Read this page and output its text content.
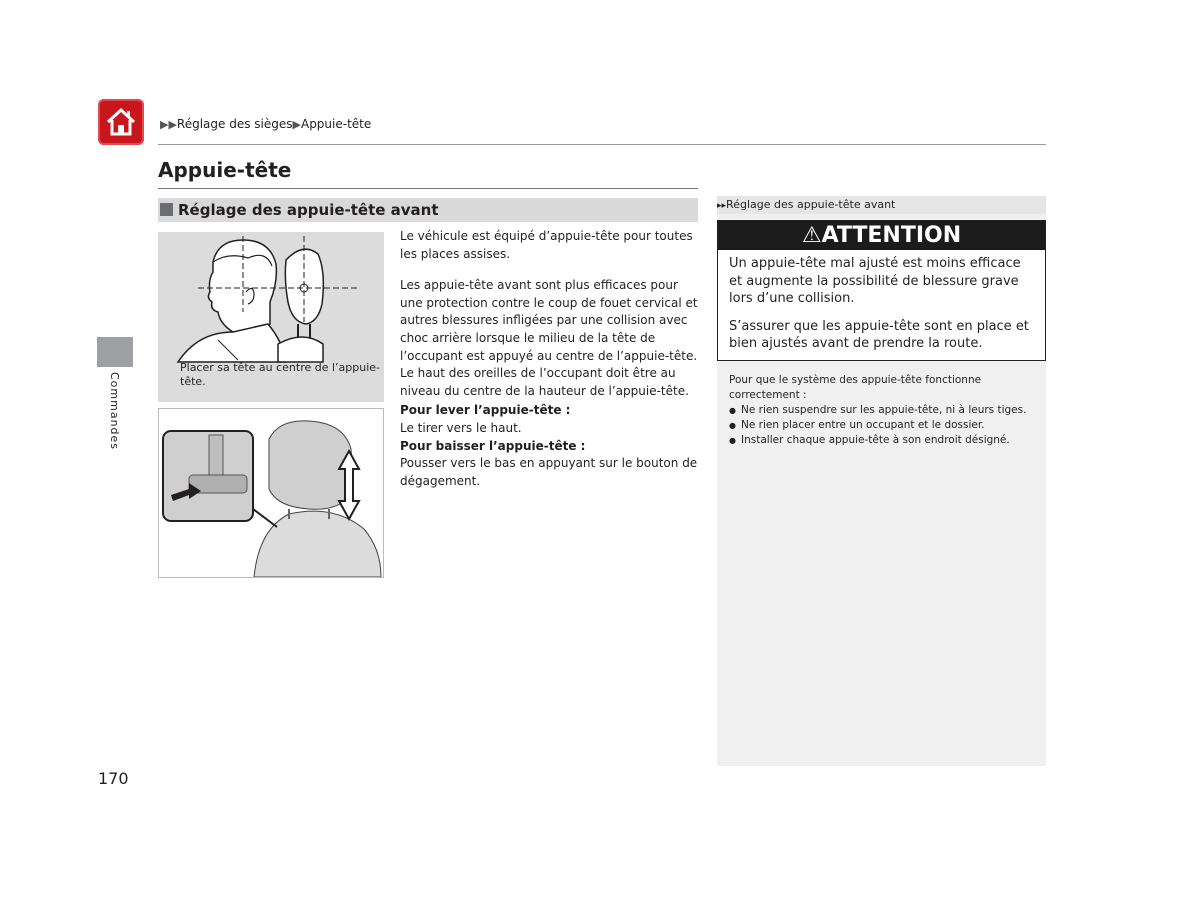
▶▶Réglage des sièges▶Appuie-tête
Commandes
Appuie-tête
Réglage des appuie-tête avant
Placer sa tête au centre de l’appuie-tête.

Le véhicule est équipé d’appuie-tête pour toutes les places assises.

Les appuie-tête avant sont plus efficaces pour une protection contre le coup de fouet cervical et autres blessures infligées par une collision avec choc arrière lorsque le milieu de la tête de l’occupant est appuyé au centre de l’appuie-tête. Le haut des oreilles de l’occupant doit être au niveau du centre de la hauteur de l’appuie-tête.

Pour lever l’appuie-tête :
Le tirer vers le haut.
Pour baisser l’appuie-tête :
Pousser vers le bas en appuyant sur le bouton de dégagement.
▸▸Réglage des appuie-tête avant
⚠ATTENTION

Un appuie-tête mal ajusté est moins efficace et augmente la possibilité de blessure grave lors d’une collision.

S’assurer que les appuie-tête sont en place et bien ajustés avant de prendre la route.

Pour que le système des appuie-tête fonctionne correctement :
● Ne rien suspendre sur les appuie-tête, ni à leurs tiges.
● Ne rien placer entre un occupant et le dossier.
● Installer chaque appuie-tête à son endroit désigné.
170
